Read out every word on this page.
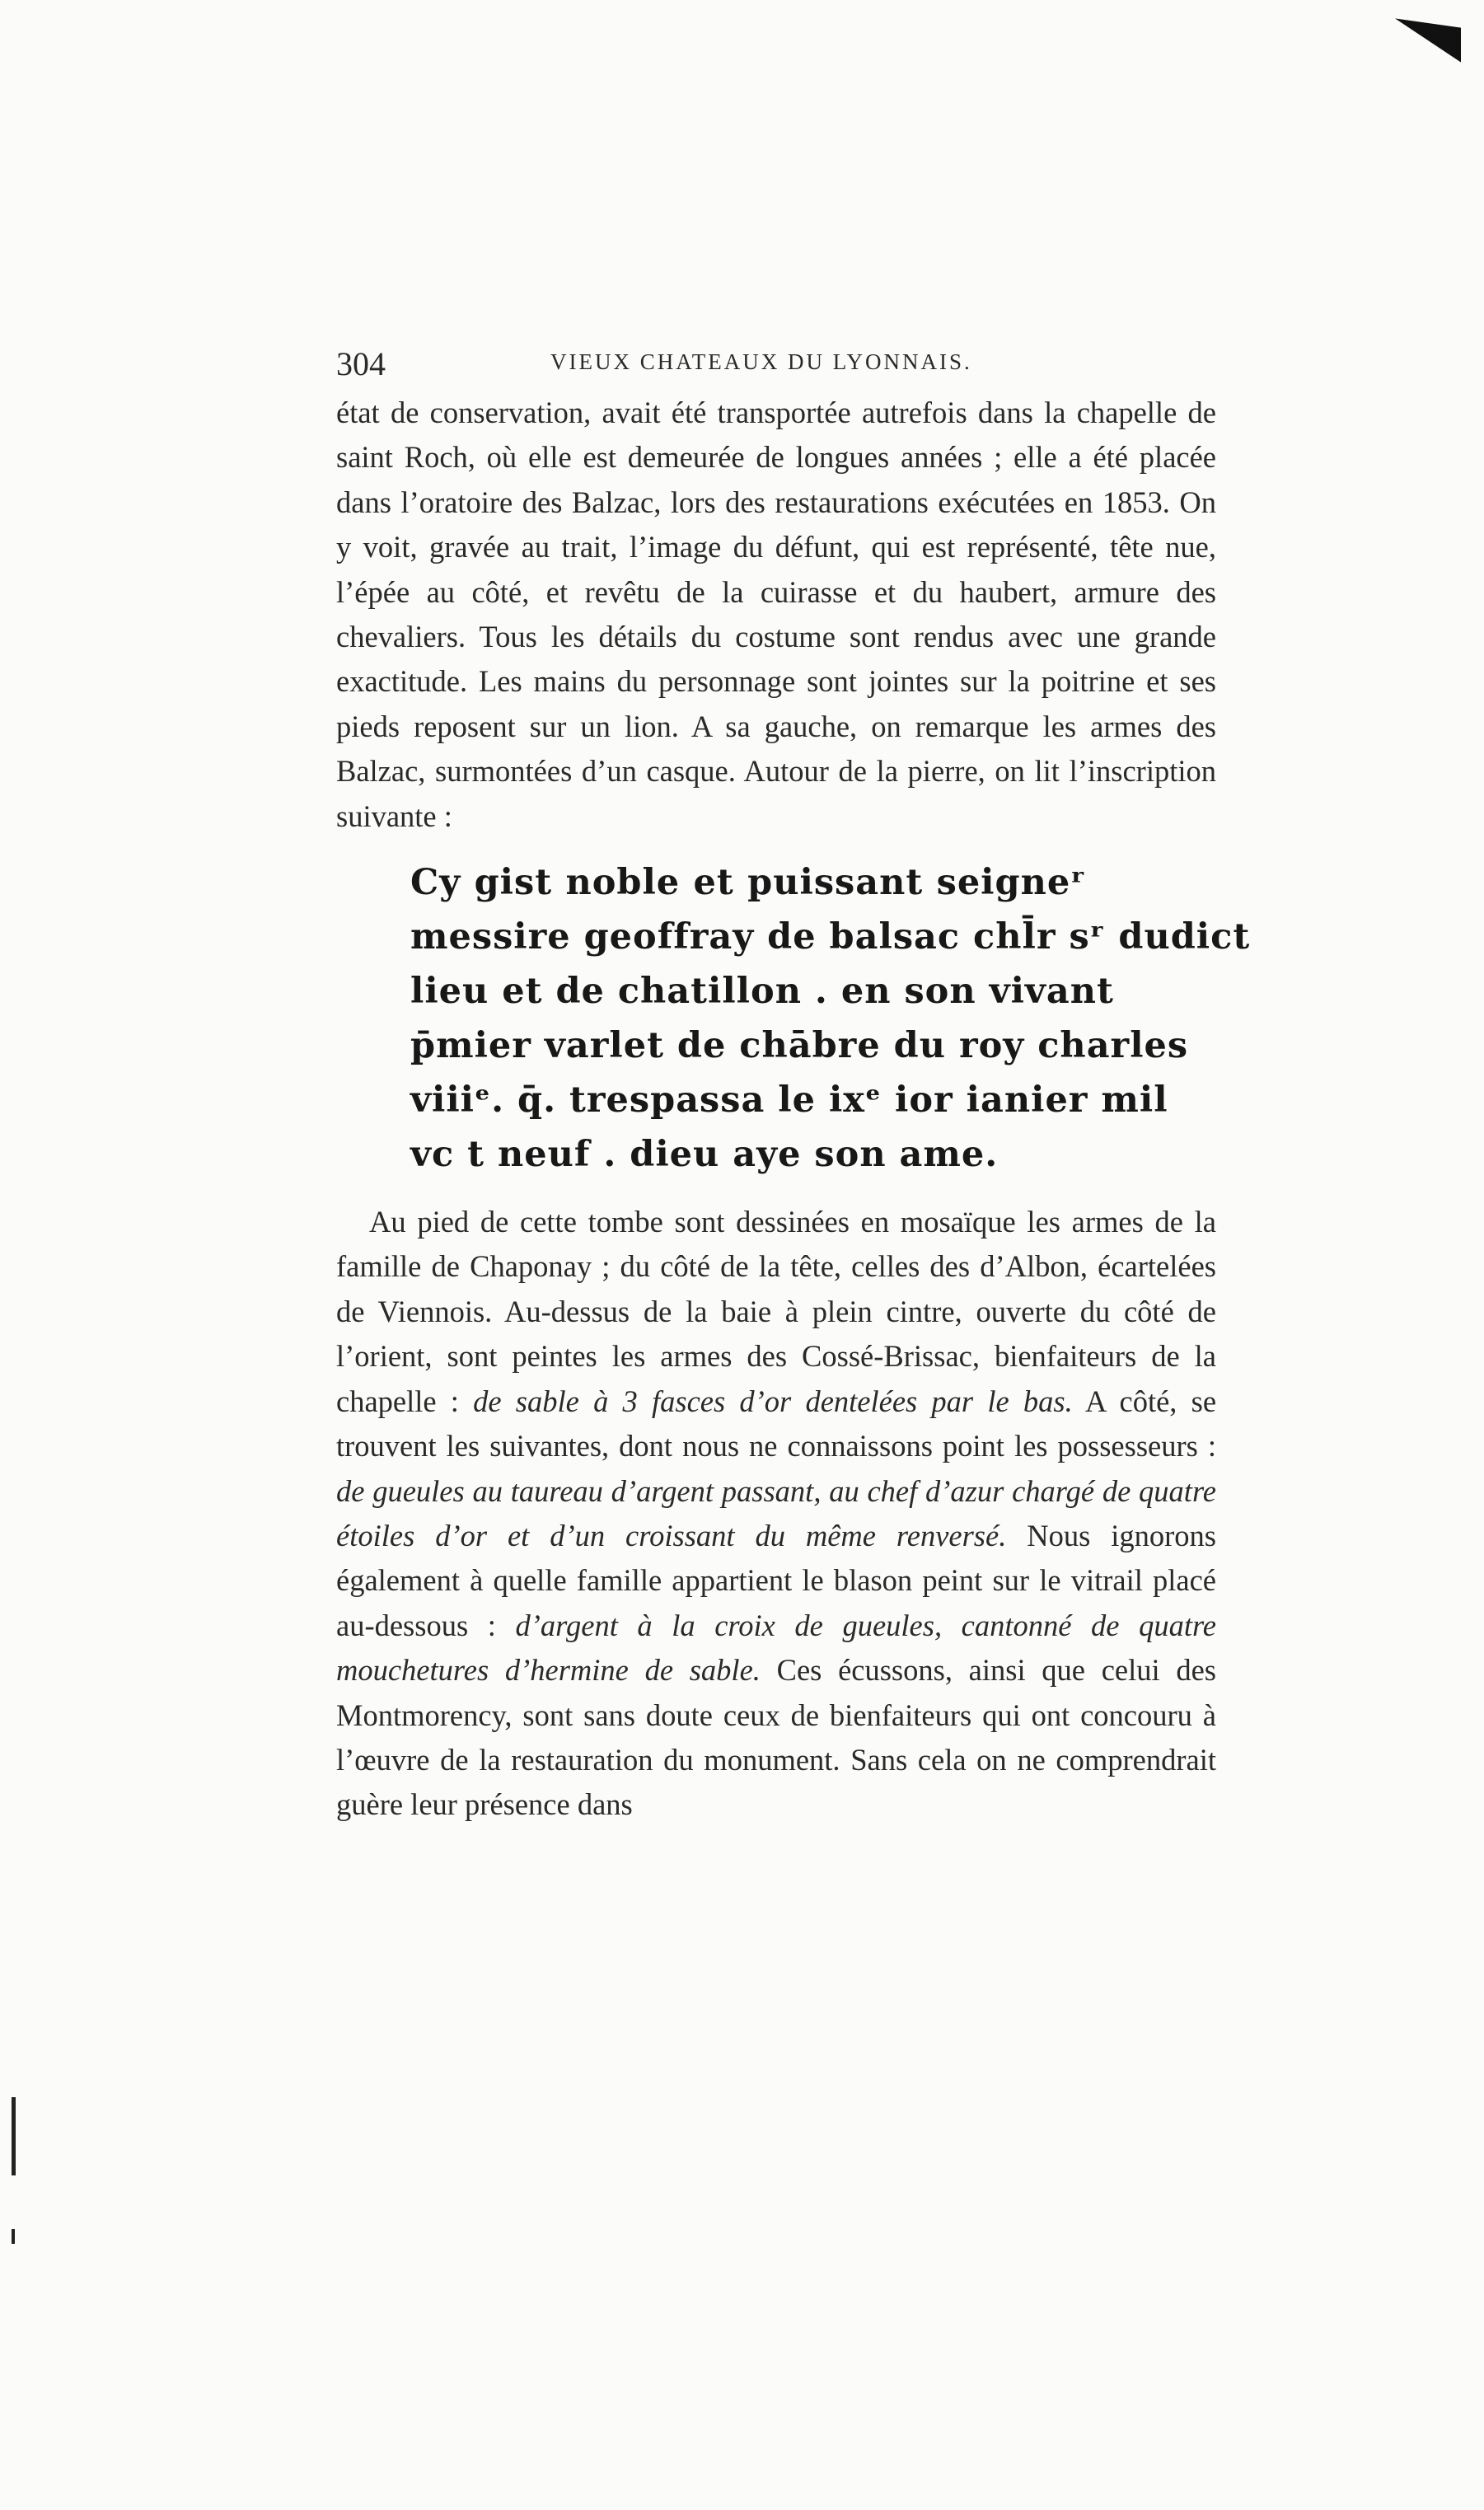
304	VIEUX CHATEAUX DU LYONNAIS.

état de conservation, avait été transportée autrefois dans la chapelle de saint Roch, où elle est demeurée de longues années ; elle a été placée dans l’oratoire des Balzac, lors des restaurations exécutées en 1853. On y voit, gravée au trait, l’image du défunt, qui est représenté, tête nue, l’épée au côté, et revêtu de la cuirasse et du haubert, armure des chevaliers. Tous les détails du costume sont rendus avec une grande exactitude. Les mains du personnage sont jointes sur la poitrine et ses pieds reposent sur un lion. A sa gauche, on remarque les armes des Balzac, surmontées d’un casque. Autour de la pierre, on lit l’inscription suivante :

Cy gist noble et puissant seigneʳ
messire geoffray de balsac chl̄r sʳ dudict
lieu et de chatillon . en son vivant
p̄mier varlet de chābre du roy charles
viiiᵉ. q̄. trespassa le ixᵉ ior ianier mil
vc t neuf . dieu aye son ame.

Au pied de cette tombe sont dessinées en mosaïque les armes de la famille de Chaponay ; du côté de la tête, celles des d’Albon, écartelées de Viennois. Au-dessus de la baie à plein cintre, ouverte du côté de l’orient, sont peintes les armes des Cossé-Brissac, bienfaiteurs de la chapelle : de sable à 3 fasces d’or dentelées par le bas. A côté, se trouvent les suivantes, dont nous ne connaissons point les possesseurs : de gueules au taureau d’argent passant, au chef d’azur chargé de quatre étoiles d’or et d’un croissant du même renversé. Nous ignorons également à quelle famille appartient le blason peint sur le vitrail placé au-dessous : d’argent à la croix de gueules, cantonné de quatre mouchetures d’hermine de sable. Ces écussons, ainsi que celui des Montmorency, sont sans doute ceux de bienfaiteurs qui ont concouru à l’œuvre de la restauration du monument. Sans cela on ne comprendrait guère leur présence dans
